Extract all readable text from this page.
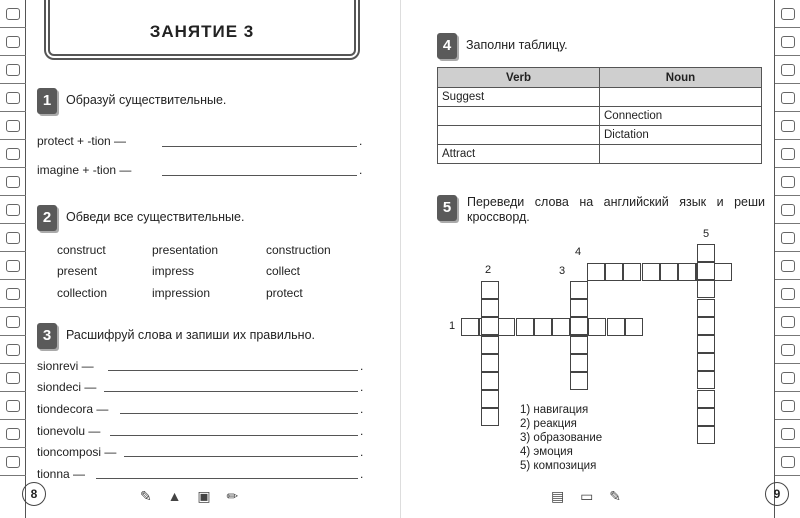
ЗАНЯТИЕ 3
1	Образуй существительные.
protect + -tion —	.
imagine + -tion —	.
2	Обведи все существительные.
construct	presentation	construction
present	impress	collect
collection	impression	protect
3	Расшифруй слова и запиши их правильно.
sionrevi —	.
siondeci —	.
tiondecora —	.
tionevolu —	.
tioncomposi —	.
tionna —	.
8	✎ ▲ ▣ ✏	9
▤ ▭ ✎
4	Заполни таблицу.
Verb	Noun
Suggest	
	Connection
	Dictation
Attract	
5	Переведи слова на английский язык и реши
кроссворд.
1
2	3
4
5
1) навигация
2) реакция
3) образование
4) эмоция
5) композиция
